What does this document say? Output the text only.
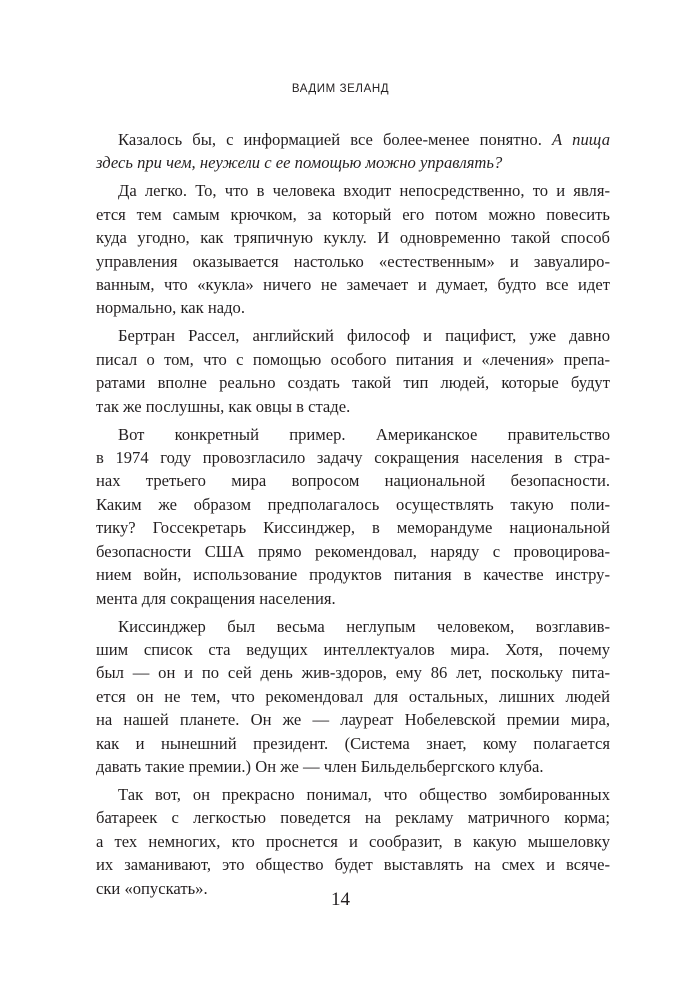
ВАДИМ ЗЕЛАНД
Казалось бы, с информацией все более-менее понятно. А пища
здесь при чем, неужели с ее помощью можно управлять?
Да легко. То, что в человека входит непосредственно, то и явля-
ется тем самым крючком, за который его потом можно повесить
куда угодно, как тряпичную куклу. И одновременно такой способ
управления оказывается настолько «естественным» и завуалиро-
ванным, что «кукла» ничего не замечает и думает, будто все идет
нормально, как надо.
Бертран Рассел, английский философ и пацифист, уже давно
писал о том, что с помощью особого питания и «лечения» препа-
ратами вполне реально создать такой тип людей, которые будут
так же послушны, как овцы в стаде.
Вот конкретный пример. Американское правительство
в 1974 году провозгласило задачу сокращения населения в стра-
нах третьего мира вопросом национальной безопасности.
Каким же образом предполагалось осуществлять такую поли-
тику? Госсекретарь Киссинджер, в меморандуме национальной
безопасности США прямо рекомендовал, наряду с провоцирова-
нием войн, использование продуктов питания в качестве инстру-
мента для сокращения населения.
Киссинджер был весьма неглупым человеком, возглавив-
шим список ста ведущих интеллектуалов мира. Хотя, почему
был — он и по сей день жив-здоров, ему 86 лет, поскольку пита-
ется он не тем, что рекомендовал для остальных, лишних людей
на нашей планете. Он же — лауреат Нобелевской премии мира,
как и нынешний президент. (Система знает, кому полагается
давать такие премии.) Он же — член Бильдельбергского клуба.
Так вот, он прекрасно понимал, что общество зомбированных
батареек с легкостью поведется на рекламу матричного корма;
а тех немногих, кто проснется и сообразит, в какую мышеловку
их заманивают, это общество будет выставлять на смех и всяче-
ски «опускать».
14
